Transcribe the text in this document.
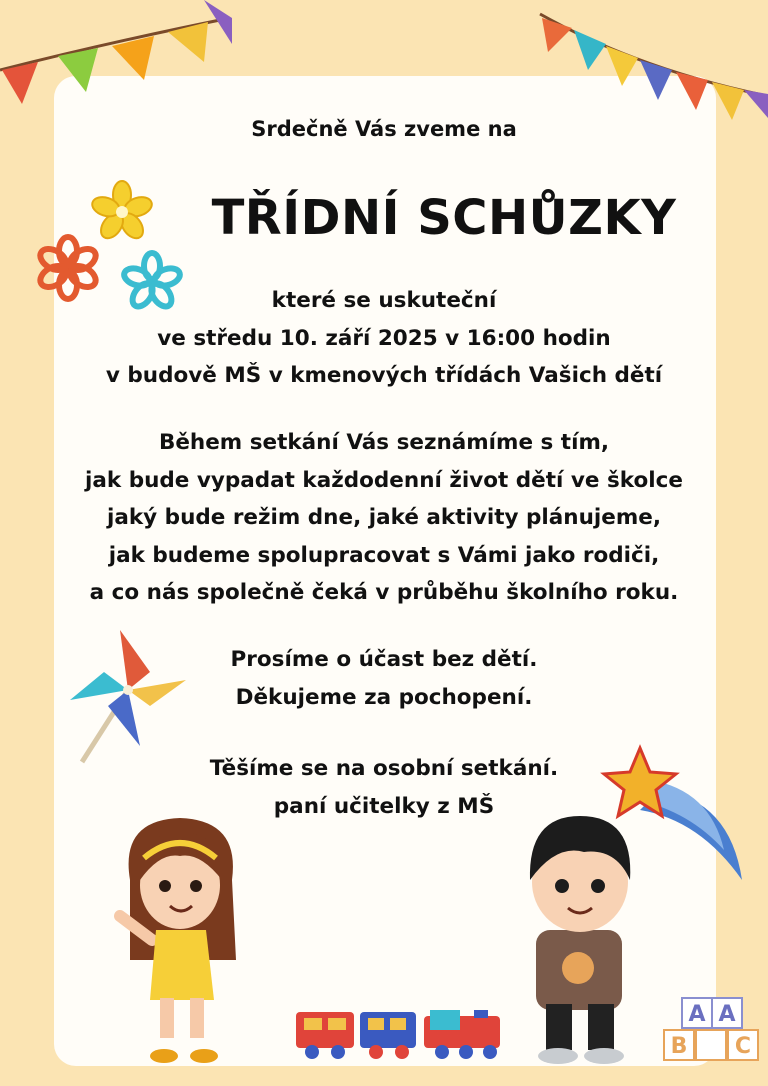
A A
B C
Srdečně Vás zveme na
TŘÍDNÍ SCHŮZKY
které se uskuteční
ve středu 10. září 2025 v 16:00 hodin
v budově MŠ v kmenových třídách Vašich dětí
Během setkání Vás seznámíme s tím,
jak bude vypadat každodenní život dětí ve školce
jaký bude režim dne, jaké aktivity plánujeme,
jak budeme spolupracovat s Vámi jako rodiči,
a co nás společně čeká v průběhu školního roku.
Prosíme o účast bez dětí.
Děkujeme za pochopení.
Těšíme se na osobní setkání.
paní učitelky z MŠ
